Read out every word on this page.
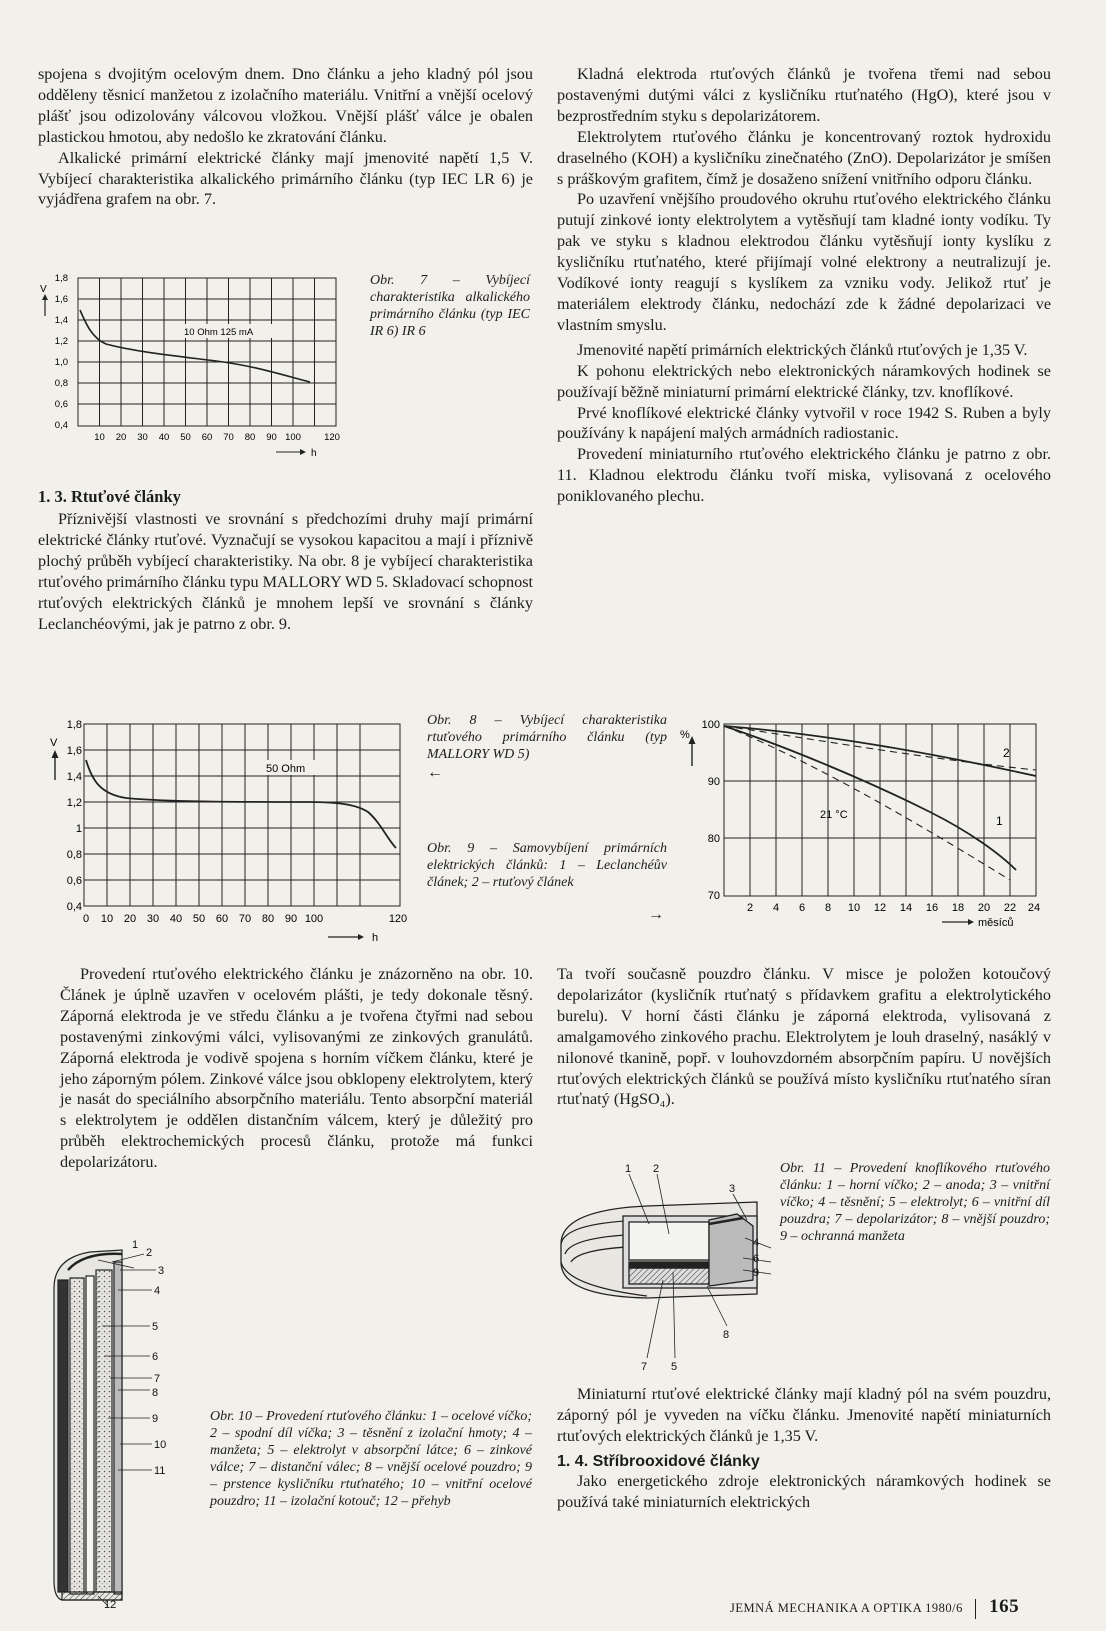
spojena s dvojitým ocelovým dnem. Dno článku a jeho kladný pól jsou odděleny těsnicí manžetou z izolačního materiálu. Vnitřní a vnější ocelový plášť jsou odizolovány válcovou vložkou. Vnější plášť válce je obalen plastickou hmotou, aby nedošlo ke zkratování článku.

Alkalické primární elektrické články mají jmenovité napětí 1,5 V. Vybíjecí charakteristika alkalického primárního článku (typ IEC LR 6) je vyjádřena grafem na obr. 7.

10 Ohm 125 mA
1,8
1,6
1,4
1,2
1,0
0,8
0,6
0,4
V
10 20 30 40 50 60 70 80 90 100 120
h
Obr. 7 – Vybíjecí charakteristika alkalického primárního článku (typ IEC IR 6) IR 6
1. 3. Rtuťové články

Příznivější vlastnosti ve srovnání s předchozími druhy mají primární elektrické články rtuťové. Vyznačují se vysokou kapacitou a mají i příznivě plochý průběh vybíjecí charakteristiky. Na obr. 8 je vybíjecí charakteristika rtuťového primárního článku typu MALLORY WD 5. Skladovací schopnost rtuťových elektrických článků je mnohem lepší ve srovnání s články Leclanchéovými, jak je patrno z obr. 9.

Kladná elektroda rtuťových článků je tvořena třemi nad sebou postavenými dutými válci z kysličníku rtuťnatého (HgO), které jsou v bezprostředním styku s depolarizátorem.

Elektrolytem rtuťového článku je koncentrovaný roztok hydroxidu draselného (KOH) a kysličníku zinečnatého (ZnO). Depolarizátor je smíšen s práškovým grafitem, čímž je dosaženo snížení vnitřního odporu článku.

Po uzavření vnějšího proudového okruhu rtuťového elektrického článku putují zinkové ionty elektrolytem a vytěsňují tam kladné ionty vodíku. Ty pak ve styku s kladnou elektrodou článku vytěsňují ionty kyslíku z kysličníku rtuťnatého, které přijímají volné elektrony a neutralizují je. Vodíkové ionty reagují s kyslíkem za vzniku vody. Jelikož rtuť je materiálem elektrody článku, nedochází zde k žádné depolarizaci ve vlastním smyslu.

Jmenovité napětí primárních elektrických článků rtuťových je 1,35 V.

K pohonu elektrických nebo elektronických náramkových hodinek se používají běžně miniaturní primární elektrické články, tzv. knoflíkové.

Prvé knoflíkové elektrické články vytvořil v roce 1942 S. Ruben a byly používány k napájení malých armádních radiostanic.

Provedení miniaturního rtuťového elektrického článku je patrno z obr. 11. Kladnou elektrodu článku tvoří miska, vylisovaná z ocelového poniklovaného plechu.

50 Ohm
1,8
1,6
1,4
1,2
1
0,8
0,6
0,4
V
0 10 20 30 40 50 60 70 80 90 100	120
h
Obr. 8 – Vybíjecí charakteristika rtuťového primárního článku (typ MALLORY WD 5)
←
Obr. 9 – Samovybíjení primárních elektrických článků: 1 – Leclanchéův článek; 2 – rtuťový článek
→
2
1
21 °C
100
90
80
70
%
2 4 6 8 10 12 14 16 18 20 22 24
měsíců

Provedení rtuťového elektrického článku je znázorněno na obr. 10. Článek je úplně uzavřen v ocelovém plášti, je tedy dokonale těsný. Záporná elektroda je ve středu článku a je tvořena čtyřmi nad sebou postavenými zinkovými válci, vylisovanými ze zinkových granulátů. Záporná elektroda je vodivě spojena s horním víčkem článku, které je jeho záporným pólem. Zinkové válce jsou obklopeny elektrolytem, který je nasát do speciálního absorpčního materiálu. Tento absorpční materiál s elektrolytem je oddělen distančním válcem, který je důležitý pro průběh elektrochemických procesů článku, protože má funkci depolarizátoru.

1
2
3
4
5
6
7
8
9
10
11
12
Obr. 10 – Provedení rtuťového článku: 1 – ocelové víčko; 2 – spodní díl víčka; 3 – těsnění z izolační hmoty; 4 – manžeta; 5 – elektrolyt v absorpční látce; 6 – zinkové válce; 7 – distanční válec; 8 – vnější ocelové pouzdro; 9 – prstence kysličníku rtuťnatého; 10 – vnitřní ocelové pouzdro; 11 – izolační kotouč; 12 – přehyb

Ta tvoří současně pouzdro článku. V misce je položen kotoučový depolarizátor (kysličník rtuťnatý s přídavkem grafitu a elektrolytického burelu). V horní části článku je záporná elektroda, vylisovaná z amalgamového zinkového prachu. Elektrolytem je louh draselný, nasáklý v nilonové tkanině, popř. v louhovzdorném absorpčním papíru. U novějších rtuťových elektrických článků se používá místo kysličníku rtuťnatého síran rtuťnatý (HgSO₄).

1 2
3
4
6
9
8
7 5
Obr. 11 – Provedení knoflíkového rtuťového článku: 1 – horní víčko; 2 – anoda; 3 – vnitřní víčko; 4 – těsnění; 5 – elektrolyt; 6 – vnitřní díl pouzdra; 7 – depolarizátor; 8 – vnější pouzdro; 9 – ochranná manžeta

Miniaturní rtuťové elektrické články mají kladný pól na svém pouzdru, záporný pól je vyveden na víčku článku. Jmenovité napětí miniaturních rtuťových elektrických článků je 1,35 V.

1. 4. Stříbrooxidové články

Jako energetického zdroje elektronických náramkových hodinek se používá také miniaturních elektrických

JEMNÁ MECHANIKA A OPTIKA 1980/6 165
